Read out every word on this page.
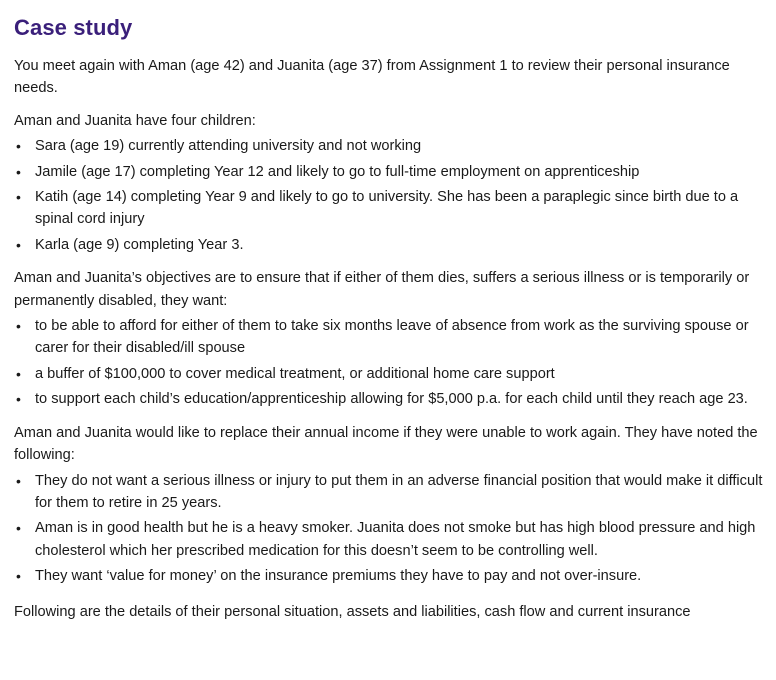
Case study

You meet again with Aman (age 42) and Juanita (age 37) from Assignment 1 to review their personal insurance needs.

Aman and Juanita have four children:

• Sara (age 19) currently attending university and not working
• Jamile (age 17) completing Year 12 and likely to go to full-time employment on apprenticeship
• Katih (age 14) completing Year 9 and likely to go to university. She has been a paraplegic since birth due to a spinal cord injury
• Karla (age 9) completing Year 3.

Aman and Juanita’s objectives are to ensure that if either of them dies, suffers a serious illness or is temporarily or permanently disabled, they want:

• to be able to afford for either of them to take six months leave of absence from work as the surviving spouse or carer for their disabled/ill spouse
• a buffer of $100,000 to cover medical treatment, or additional home care support
• to support each child’s education/apprenticeship allowing for $5,000 p.a. for each child until they reach age 23.

Aman and Juanita would like to replace their annual income if they were unable to work again. They have noted the following:

• They do not want a serious illness or injury to put them in an adverse financial position that would make it difficult for them to retire in 25 years.
• Aman is in good health but he is a heavy smoker. Juanita does not smoke but has high blood pressure and high cholesterol which her prescribed medication for this doesn’t seem to be controlling well.
• They want ‘value for money’ on the insurance premiums they have to pay and not over-insure.

Following are the details of their personal situation, assets and liabilities, cash flow and current insurance
